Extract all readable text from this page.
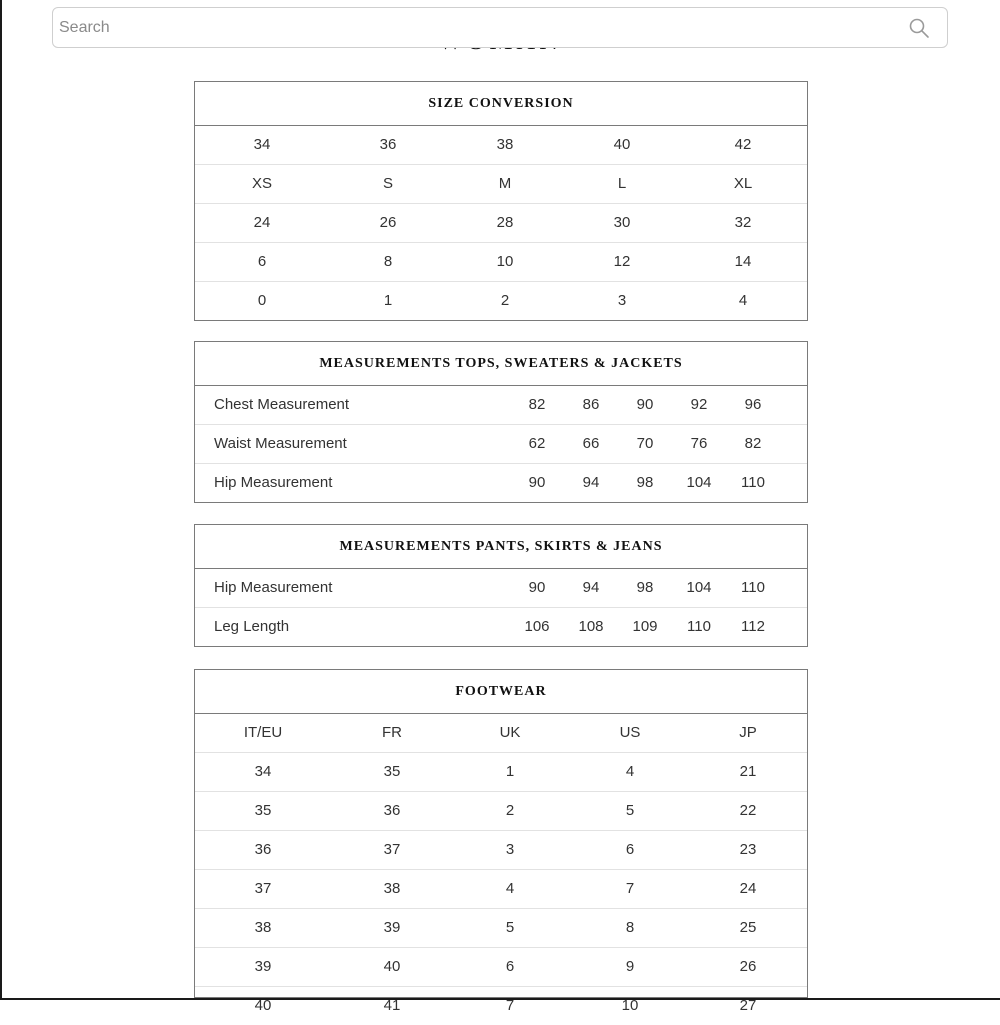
Search
SIZE CONVERSION
34	36	38	40	42
XS	S	M	L	XL
24	26	28	30	32
6	8	10	12	14
0	1	2	3	4
MEASUREMENTS TOPS, SWEATERS & JACKETS
Chest Measurement	82 86 90 92 96
Waist Measurement	62 66 70 76 82
Hip Measurement	90 94 98 104 110
MEASUREMENTS PANTS, SKIRTS & JEANS
Hip Measurement	90 94 98 104 110
Leg Length	106 108 109 110 112
FOOTWEAR
IT/EU	FR	UK	US	JP
34	35	1	4	21
35	36	2	5	22
36	37	3	6	23
37	38	4	7	24
38	39	5	8	25
39	40	6	9	26
40	41	7	10	27
